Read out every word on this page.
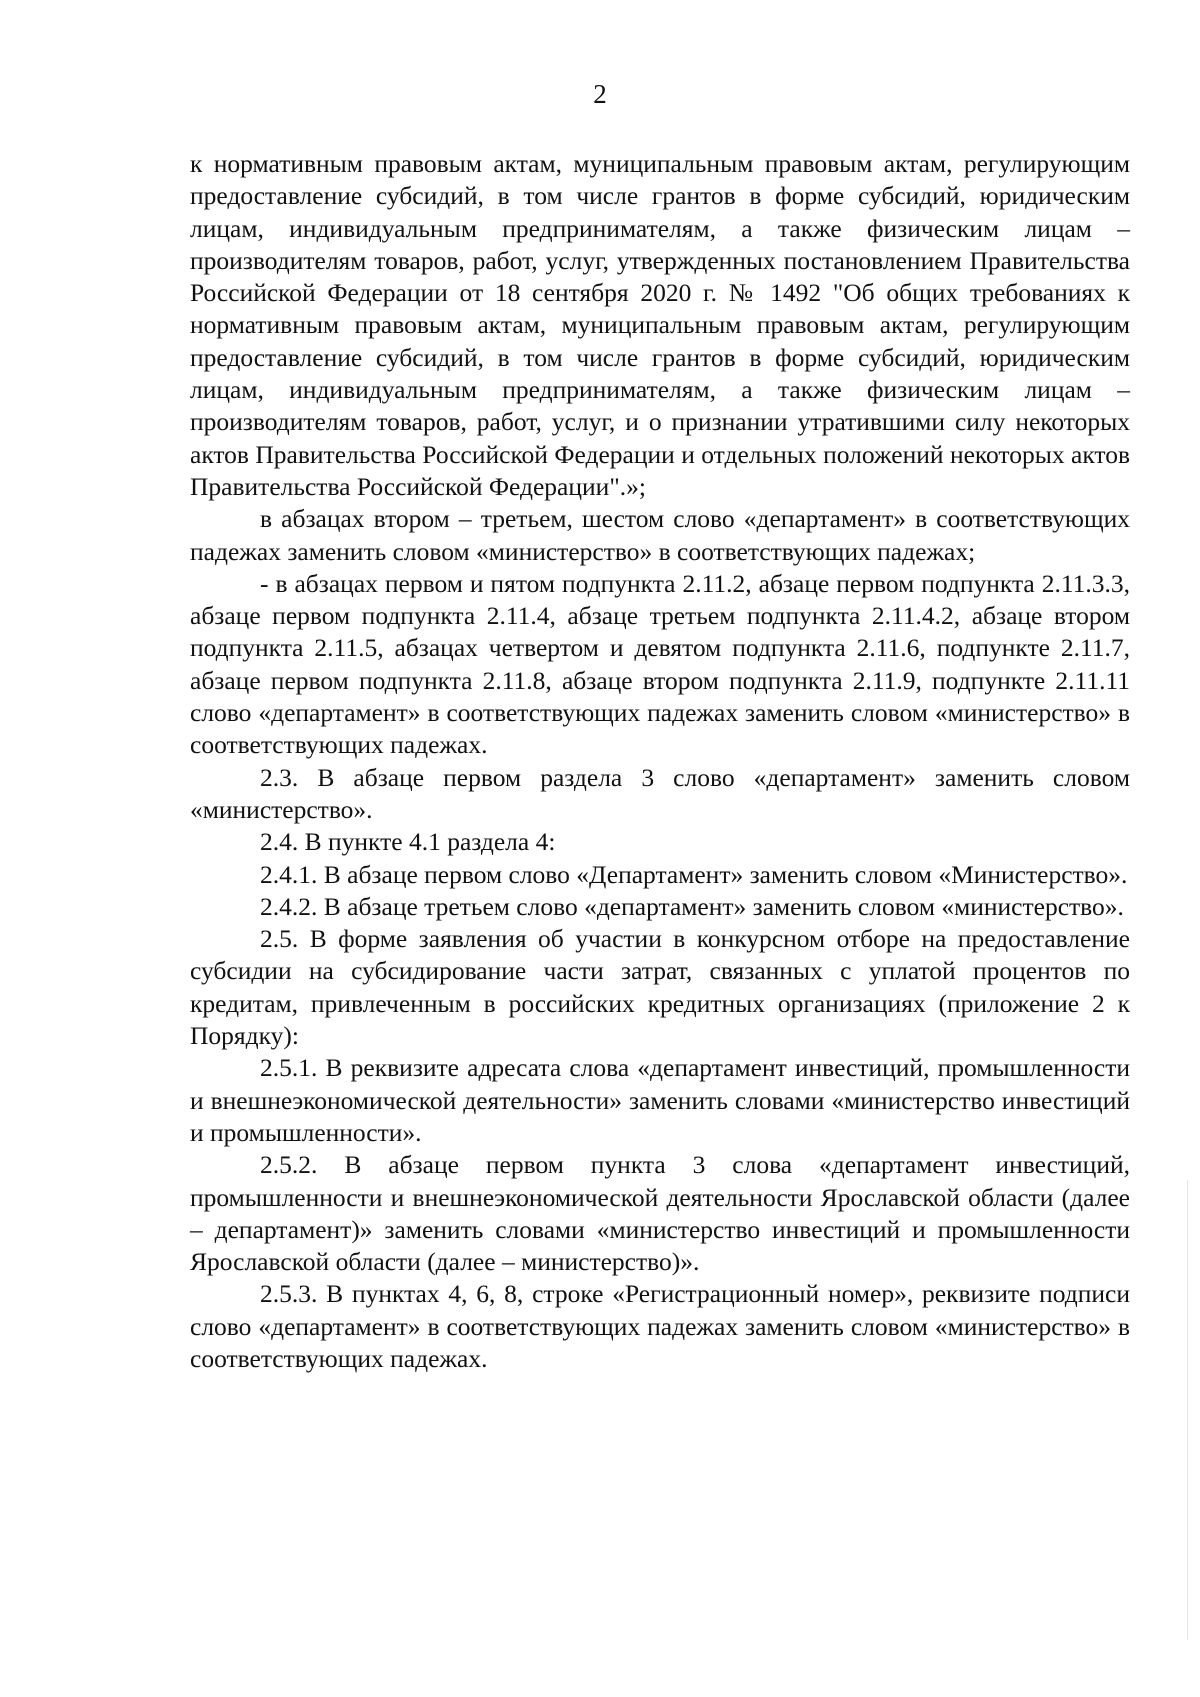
2

к нормативным правовым актам, муниципальным правовым актам, регулирующим предоставление субсидий, в том числе грантов в форме субсидий, юридическим лицам, индивидуальным предпринимателям, а также физическим лицам – производителям товаров, работ, услуг, утвержденных постановлением Правительства Российской Федерации от 18 сентября 2020 г. № 1492 "Об общих требованиях к нормативным правовым актам, муниципальным правовым актам, регулирующим предоставление субсидий, в том числе грантов в форме субсидий, юридическим лицам, индивидуальным предпринимателям, а также физическим лицам – производителям товаров, работ, услуг, и о признании утратившими силу некоторых актов Правительства Российской Федерации и отдельных положений некоторых актов Правительства Российской Федерации".»;

в абзацах втором – третьем, шестом слово «департамент» в соответствующих падежах заменить словом «министерство» в соответствующих падежах;

- в абзацах первом и пятом подпункта 2.11.2, абзаце первом подпункта 2.11.3.3, абзаце первом подпункта 2.11.4, абзаце третьем подпункта 2.11.4.2, абзаце втором подпункта 2.11.5, абзацах четвертом и девятом подпункта 2.11.6, подпункте 2.11.7, абзаце первом подпункта 2.11.8, абзаце втором подпункта 2.11.9, подпункте 2.11.11 слово «департамент» в соответствующих падежах заменить словом «министерство» в соответствующих падежах.

2.3. В абзаце первом раздела 3 слово «департамент» заменить словом «министерство».

2.4. В пункте 4.1 раздела 4:

2.4.1. В абзаце первом слово «Департамент» заменить словом «Министерство».

2.4.2. В абзаце третьем слово «департамент» заменить словом «министерство».

2.5. В форме заявления об участии в конкурсном отборе на предоставление субсидии на субсидирование части затрат, связанных с уплатой процентов по кредитам, привлеченным в российских кредитных организациях (приложение 2 к Порядку):

2.5.1. В реквизите адресата слова «департамент инвестиций, промышленности и внешнеэкономической деятельности» заменить словами «министерство инвестиций и промышленности».

2.5.2. В абзаце первом пункта 3 слова «департамент инвестиций, промышленности и внешнеэкономической деятельности Ярославской области (далее – департамент)» заменить словами «министерство инвестиций и промышленности Ярославской области (далее – министерство)».

2.5.3. В пунктах 4, 6, 8, строке «Регистрационный номер», реквизите подписи слово «департамент» в соответствующих падежах заменить словом «министерство» в соответствующих падежах.
